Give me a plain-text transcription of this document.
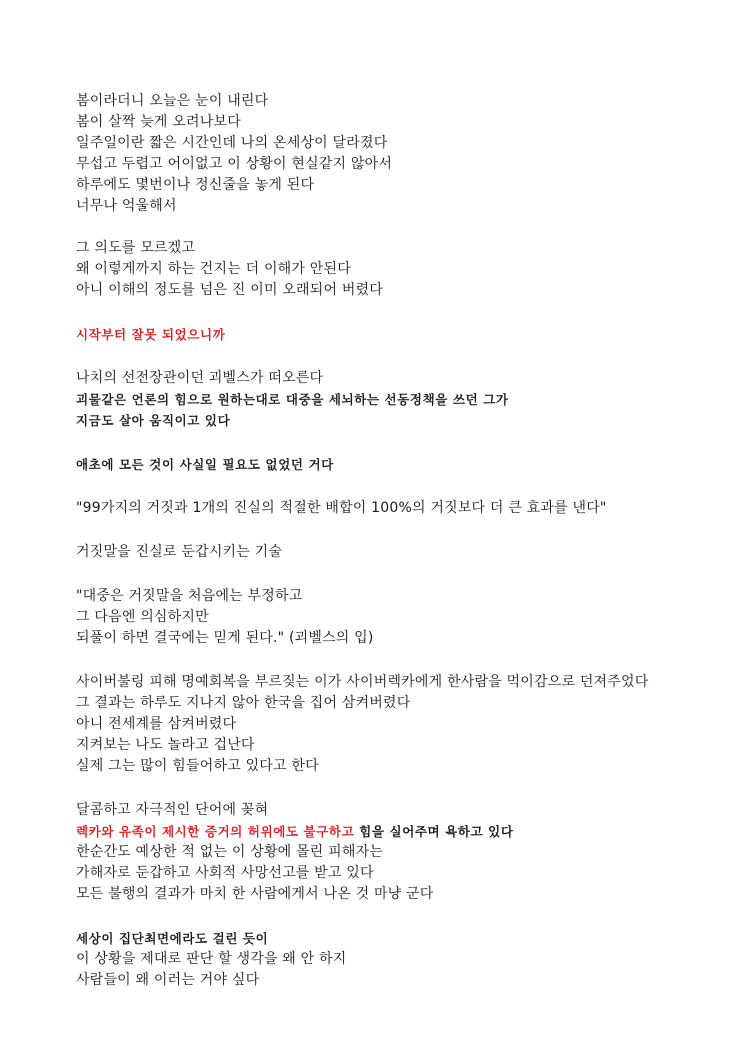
봄이라더니 오늘은 눈이 내린다
봄이 살짝 늦게 오려나보다
일주일이란 짧은 시간인데 나의 온세상이 달라졌다
무섭고 두렵고 어이없고 이 상황이 현실같지 않아서
하루에도 몇번이나 정신줄을 놓게 된다
너무나 억울해서
그 의도를 모르겠고
왜 이렇게까지 하는 건지는 더 이해가 안된다
아니 이해의 정도를 넘은 진 이미 오래되어 버렸다
시작부터 잘못 되었으니까
나치의 선전장관이던 괴벨스가 떠오른다
괴물같은 언론의 힘으로 원하는대로 대중을 세뇌하는 선동정책을 쓰던 그가
지금도 살아 움직이고 있다
애초에 모든 것이 사실일 필요도 없었던 거다
"99가지의 거짓과 1개의 진실의 적절한 배합이 100%의 거짓보다 더 큰 효과를 낸다"
거짓말을 진실로 둔갑시키는 기술
"대중은 거짓말을 처음에는 부정하고
그 다음엔 의심하지만
되풀이 하면 결국에는 믿게 된다." (괴벨스의 입)
사이버불링 피해 명예회복을 부르짖는 이가 사이버렉카에게 한사람을 먹이감으로 던져주었다
그 결과는 하루도 지나지 않아 한국을 집어 삼켜버렸다
아니 전세계를 삼켜버렸다
지켜보는 나도 놀라고 겁난다
실제 그는 많이 힘들어하고 있다고 한다
달콤하고 자극적인 단어에 꽂혀
렉카와 유족이 제시한 증거의 허위에도 불구하고 힘을 실어주며 욕하고 있다
한순간도 예상한 적 없는 이 상황에 몰린 피해자는
가해자로 둔갑하고 사회적 사망선고를 받고 있다
모든 불행의 결과가 마치 한 사람에게서 나온 것 마냥 군다
세상이 집단최면에라도 걸린 듯이
이 상황을 제대로 판단 할 생각을 왜 안 하지
사람들이 왜 이러는 거야 싶다
